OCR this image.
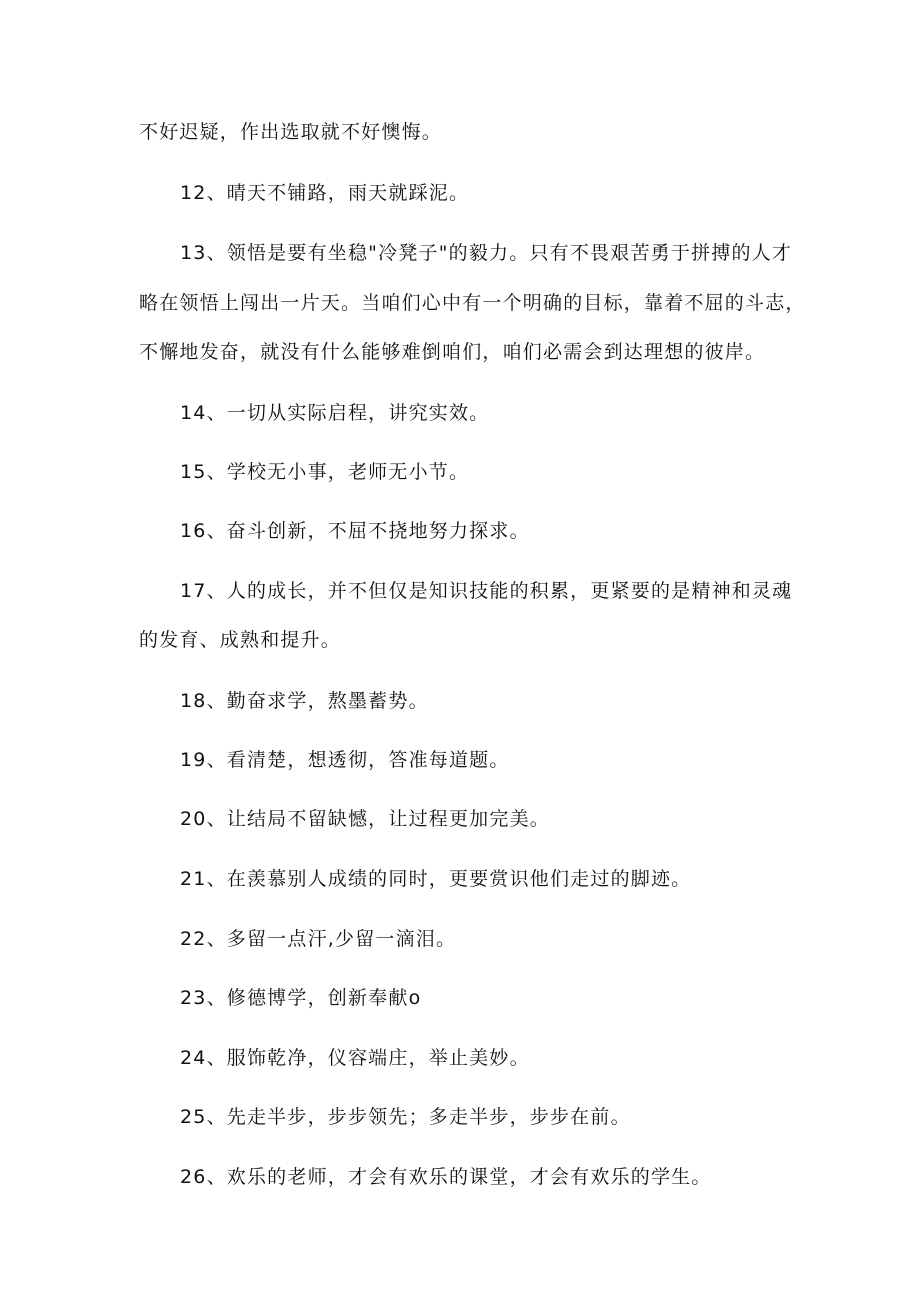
不好迟疑，作出选取就不好懊悔。
12、晴天不铺路，雨天就踩泥。
13、领悟是要有坐稳"冷凳子"的毅力。只有不畏艰苦勇于拼搏的人才
略在领悟上闯出一片天。当咱们心中有一个明确的目标，靠着不屈的斗志，
不懈地发奋，就没有什么能够难倒咱们，咱们必需会到达理想的彼岸。
14、一切从实际启程，讲究实效。
15、学校无小事，老师无小节。
16、奋斗创新，不屈不挠地努力探求。
17、人的成长，并不但仅是知识技能的积累，更紧要的是精神和灵魂
的发育、成熟和提升。
18、勤奋求学，熬墨蓄势。
19、看清楚，想透彻，答准每道题。
20、让结局不留缺憾，让过程更加完美。
21、在羡慕别人成绩的同时，更要赏识他们走过的脚迹。
22、多留一点汗,少留一滴泪。
23、修德博学，创新奉献o
24、服饰乾净，仪容端庄，举止美妙。
25、先走半步，步步领先；多走半步，步步在前。
26、欢乐的老师，才会有欢乐的课堂，才会有欢乐的学生。
